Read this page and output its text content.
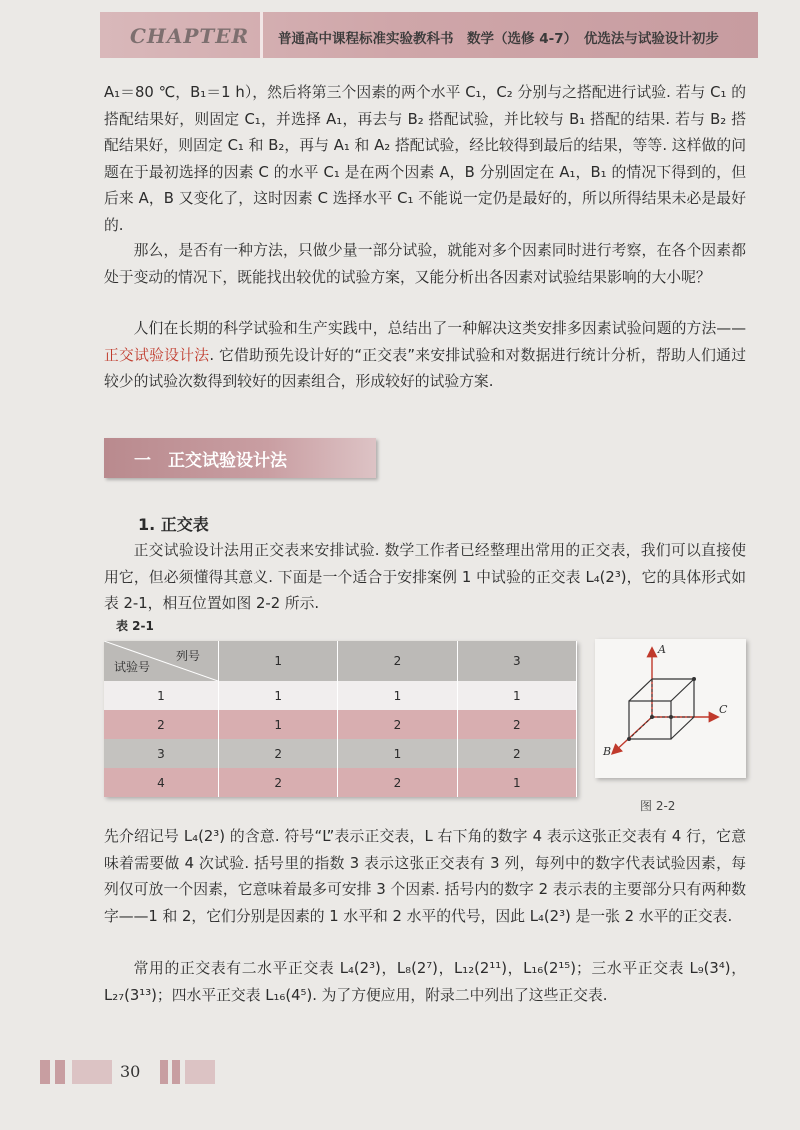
CHAPTER 普通高中课程标准实验教科书　数学（选修 4-7）　优选法与试验设计初步
A₁＝80 ℃，B₁＝1 h），然后将第三个因素的两个水平 C₁，C₂ 分别与之搭配进行试验. 若与 C₁ 的搭配结果好，则固定 C₁，并选择 A₁，再去与 B₂ 搭配试验，并比较与 B₁ 搭配的结果. 若与 B₂ 搭配结果好，则固定 C₁ 和 B₂，再与 A₁ 和 A₂ 搭配试验，经比较得到最后的结果，等等. 这样做的问题在于最初选择的因素 C 的水平 C₁ 是在两个因素 A，B 分别固定在 A₁，B₁ 的情况下得到的，但后来 A，B 又变化了，这时因素 C 选择水平 C₁ 不能说一定仍是最好的，所以所得结果未必是最好的.
那么，是否有一种方法，只做少量一部分试验，就能对多个因素同时进行考察，在各个因素都处于变动的情况下，既能找出较优的试验方案，又能分析出各因素对试验结果影响的大小呢？
人们在长期的科学试验和生产实践中，总结出了一种解决这类安排多因素试验问题的方法——正交试验设计法. 它借助预先设计好的“正交表”来安排试验和对数据进行统计分析，帮助人们通过较少的试验次数得到较好的因素组合，形成较好的试验方案.
一　正交试验设计法
1. 正交表
正交试验设计法用正交表来安排试验. 数学工作者已经整理出常用的正交表，我们可以直接使用它，但必须懂得其意义. 下面是一个适合于安排案例 1 中试验的正交表 L₄(2³)，它的具体形式如表 2-1，相互位置如图 2-2 所示.
表 2-1
列号
试验号	1	2	3
1	1	1	1
2	1	2	2
3	2	1	2
4	2	2	1
A
C
B
图 2-2
先介绍记号 L₄(2³) 的含意. 符号“L”表示正交表，L 右下角的数字 4 表示这张正交表有 4 行，它意味着需要做 4 次试验. 括号里的指数 3 表示这张正交表有 3 列，每列中的数字代表试验因素，每列仅可放一个因素，它意味着最多可安排 3 个因素. 括号内的数字 2 表示表的主要部分只有两种数字——1 和 2，它们分别是因素的 1 水平和 2 水平的代号，因此 L₄(2³) 是一张 2 水平的正交表.
常用的正交表有二水平正交表 L₄(2³)，L₈(2⁷)，L₁₂(2¹¹)，L₁₆(2¹⁵)；三水平正交表 L₉(3⁴)，L₂₇(3¹³)；四水平正交表 L₁₆(4⁵). 为了方便应用，附录二中列出了这些正交表.
30
